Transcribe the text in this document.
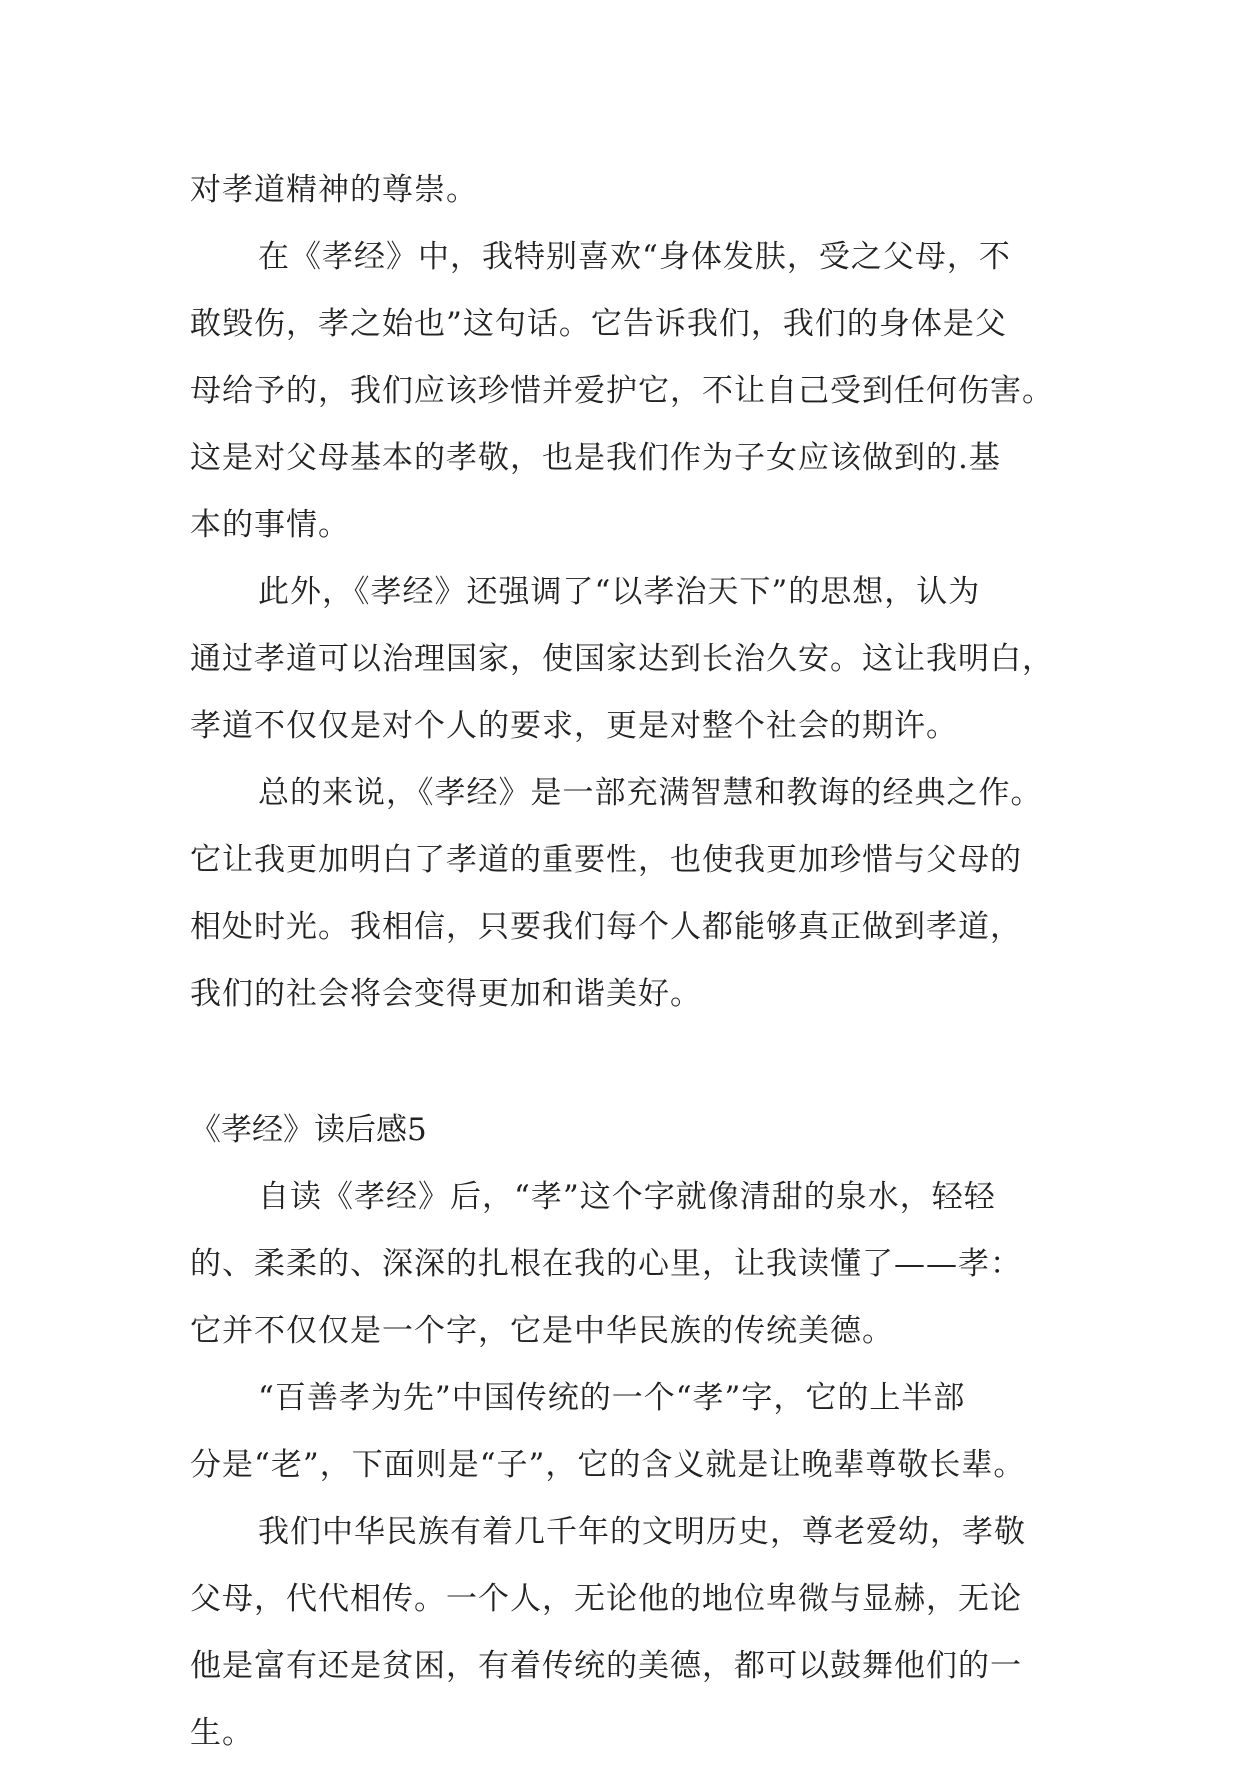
对孝道精神的尊崇。
在《孝经》中，我特别喜欢“身体发肤，受之父母，不
敢毁伤，孝之始也”这句话。它告诉我们，我们的身体是父
母给予的，我们应该珍惜并爱护它，不让自己受到任何伤害。
这是对父母基本的孝敬，也是我们作为子女应该做到的.基
本的事情。
此外，《孝经》还强调了“以孝治天下”的思想，认为
通过孝道可以治理国家，使国家达到长治久安。这让我明白，
孝道不仅仅是对个人的要求，更是对整个社会的期许。
总的来说，《孝经》是一部充满智慧和教诲的经典之作。
它让我更加明白了孝道的重要性，也使我更加珍惜与父母的
相处时光。我相信，只要我们每个人都能够真正做到孝道，
我们的社会将会变得更加和谐美好。
《孝经》读后感5
自读《孝经》后，“孝”这个字就像清甜的泉水，轻轻
的、柔柔的、深深的扎根在我的心里，让我读懂了——孝：
它并不仅仅是一个字，它是中华民族的传统美德。
“百善孝为先”中国传统的一个“孝”字，它的上半部
分是“老”，下面则是“子”，它的含义就是让晚辈尊敬长辈。
我们中华民族有着几千年的文明历史，尊老爱幼，孝敬
父母，代代相传。一个人，无论他的地位卑微与显赫，无论
他是富有还是贫困，有着传统的美德，都可以鼓舞他们的一
生。
